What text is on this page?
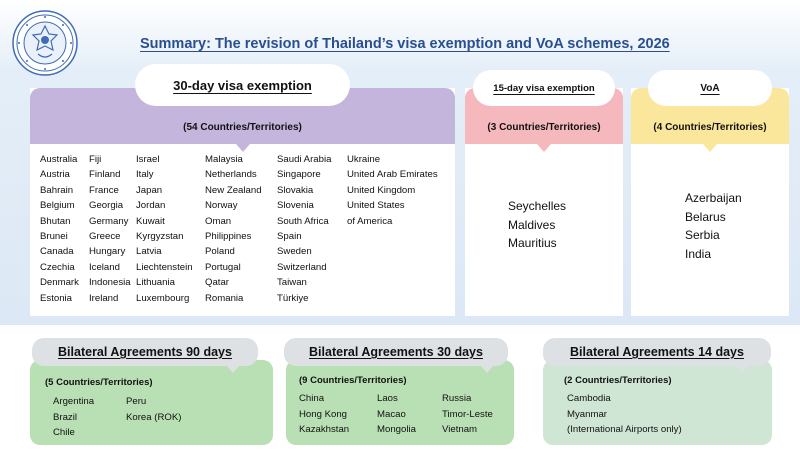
Summary: The revision of Thailand’s visa exemption and VoA schemes, 2026
(54 Countries/Territories)
30-day visa exemption
Australia
Austria
Bahrain
Belgium
Bhutan
Brunei
Canada
Czechia
Denmark
Estonia
Fiji
Finland
France
Georgia
Germany
Greece
Hungary
Iceland
Indonesia
Ireland
Israel
Italy
Japan
Jordan
Kuwait
Kyrgyzstan
Latvia
Liechtenstein
Lithuania
Luxembourg
Malaysia
Netherlands
New Zealand
Norway
Oman
Philippines
Poland
Portugal
Qatar
Romania
Saudi Arabia
Singapore
Slovakia
Slovenia
South Africa
Spain
Sweden
Switzerland
Taiwan
Türkiye
Ukraine
United Arab Emirates
United Kingdom
United States
of America
(3 Countries/Territories)
15-day visa exemption
Seychelles
Maldives
Mauritius
(4 Countries/Territories)
VoA
Azerbaijan
Belarus
Serbia
India
Bilateral Agreements 90 days
(5 Countries/Territories)
Argentina
Brazil
Chile
Peru
Korea (ROK)
Bilateral Agreements 30 days
(9 Countries/Territories)
China
Hong Kong
Kazakhstan
Laos
Macao
Mongolia
Russia
Timor-Leste
Vietnam
Bilateral Agreements 14 days
(2 Countries/Territories)
Cambodia
Myanmar
(International Airports only)
